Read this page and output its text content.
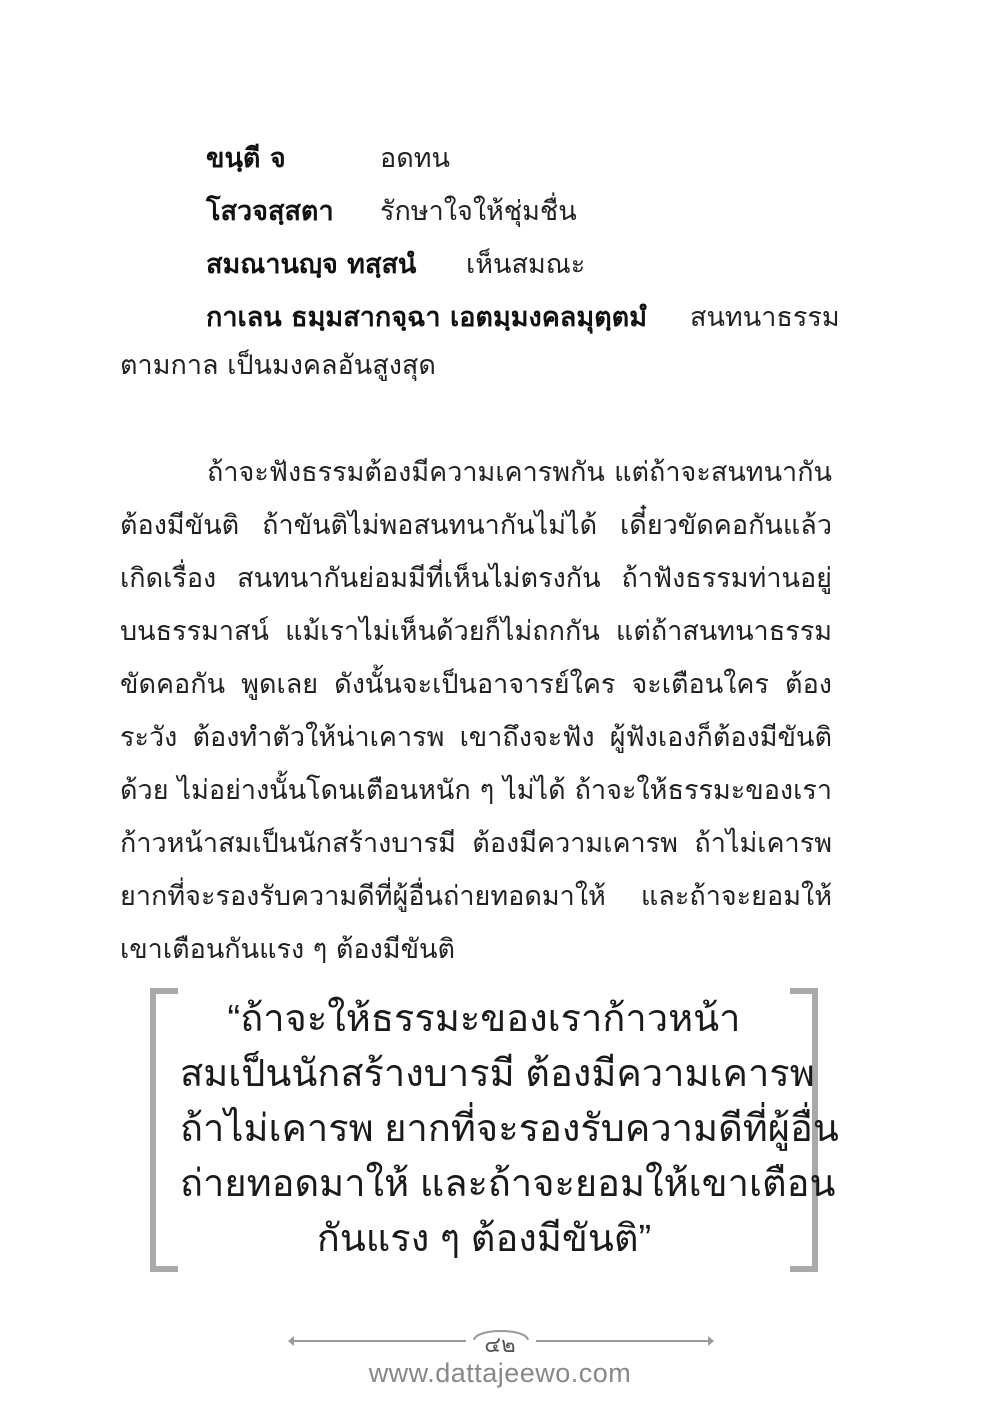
ขนฺตี จ	อดทน
โสวจสฺสตา รักษาใจให้ชุ่มชื่น
สมณานญฺจ ทสฺสนํ เห็นสมณะ
กาเลน ธมฺมสากจฺฉา เอตมฺมงคลมุตฺตมํ สนทนาธรรม
ตามกาล เป็นมงคลอันสูงสุด

ถ้าจะฟังธรรมต้องมีความเคารพกัน แต่ถ้าจะสนทนากันต้องมีขันติ ถ้าขันติไม่พอสนทนากันไม่ได้ เดี๋ยวขัดคอกันแล้วเกิดเรื่อง สนทนากันย่อมมีที่เห็นไม่ตรงกัน ถ้าฟังธรรมท่านอยู่บนธรรมาสน์ แม้เราไม่เห็นด้วยก็ไม่ถกกัน แต่ถ้าสนทนาธรรม ขัดคอกัน พูดเลย ดังนั้นจะเป็นอาจารย์ใคร จะเตือนใคร ต้องระวัง ต้องทำตัวให้น่าเคารพ เขาถึงจะฟัง ผู้ฟังเองก็ต้องมีขันติด้วย ไม่อย่างนั้นโดนเตือนหนัก ๆ ไม่ได้ ถ้าจะให้ธรรมะของเราก้าวหน้าสมเป็นนักสร้างบารมี ต้องมีความเคารพ ถ้าไม่เคารพยากที่จะรองรับความดีที่ผู้อื่นถ่ายทอดมาให้ และถ้าจะยอมให้เขาเตือนกันแรง ๆ ต้องมีขันติ

“ถ้าจะให้ธรรมะของเราก้าวหน้า
สมเป็นนักสร้างบารมี ต้องมีความเคารพ
ถ้าไม่เคารพ ยากที่จะรองรับความดีที่ผู้อื่น
ถ่ายทอดมาให้ และถ้าจะยอมให้เขาเตือน
กันแรง ๆ ต้องมีขันติ”
๔๒
www.dattajeewo.com
